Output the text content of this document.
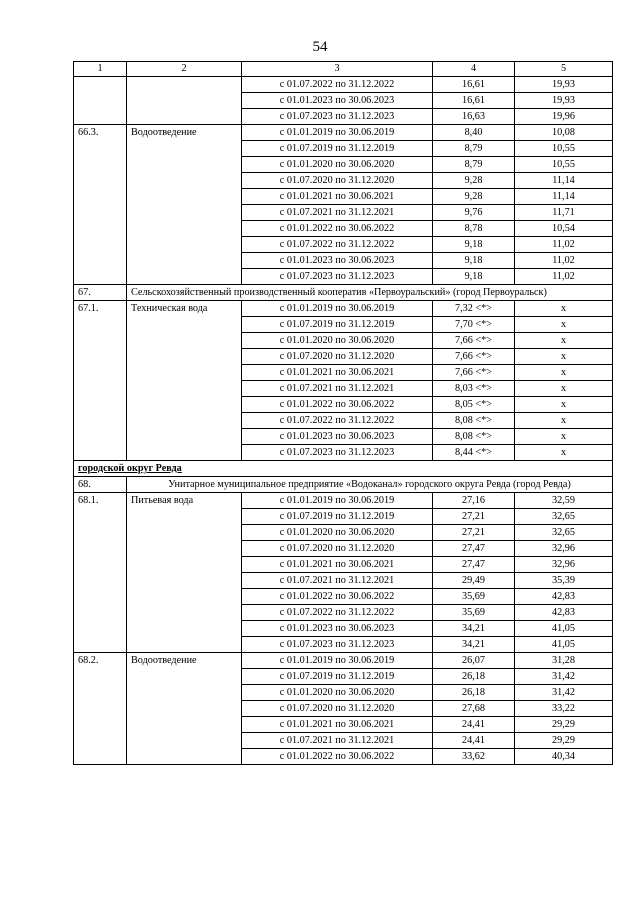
54
1	2	3	4	5
		с 01.07.2022 по 31.12.2022	16,61	19,93
		с 01.01.2023 по 30.06.2023	16,61	19,93
		с 01.07.2023 по 31.12.2023	16,63	19,96
66.3.	Водоотведение	с 01.01.2019 по 30.06.2019	8,40	10,08
		с 01.07.2019 по 31.12.2019	8,79	10,55
		с 01.01.2020 по 30.06.2020	8,79	10,55
		с 01.07.2020 по 31.12.2020	9,28	11,14
		с 01.01.2021 по 30.06.2021	9,28	11,14
		с 01.07.2021 по 31.12.2021	9,76	11,71
		с 01.01.2022 по 30.06.2022	8,78	10,54
		с 01.07.2022 по 31.12.2022	9,18	11,02
		с 01.01.2023 по 30.06.2023	9,18	11,02
		с 01.07.2023 по 31.12.2023	9,18	11,02
67.	Сельскохозяйственный производственный кооператив «Первоуральский» (город Первоуральск)			
67.1.	Техническая вода	с 01.01.2019 по 30.06.2019	7,32 <*>	х
		с 01.07.2019 по 31.12.2019	7,70 <*>	х
		с 01.01.2020 по 30.06.2020	7,66 <*>	х
		с 01.07.2020 по 31.12.2020	7,66 <*>	х
		с 01.01.2021 по 30.06.2021	7,66 <*>	х
		с 01.07.2021 по 31.12.2021	8,03 <*>	х
		с 01.01.2022 по 30.06.2022	8,05 <*>	х
		с 01.07.2022 по 31.12.2022	8,08 <*>	х
		с 01.01.2023 по 30.06.2023	8,08 <*>	х
		с 01.07.2023 по 31.12.2023	8,44 <*>	х
городской округ Ревда				
68.	Унитарное муниципальное предприятие «Водоканал» городского округа Ревда (город Ревда)			
68.1.	Питьевая вода	с 01.01.2019 по 30.06.2019	27,16	32,59
		с 01.07.2019 по 31.12.2019	27,21	32,65
		с 01.01.2020 по 30.06.2020	27,21	32,65
		с 01.07.2020 по 31.12.2020	27,47	32,96
		с 01.01.2021 по 30.06.2021	27,47	32,96
		с 01.07.2021 по 31.12.2021	29,49	35,39
		с 01.01.2022 по 30.06.2022	35,69	42,83
		с 01.07.2022 по 31.12.2022	35,69	42,83
		с 01.01.2023 по 30.06.2023	34,21	41,05
		с 01.07.2023 по 31.12.2023	34,21	41,05
68.2.	Водоотведение	с 01.01.2019 по 30.06.2019	26,07	31,28
		с 01.07.2019 по 31.12.2019	26,18	31,42
		с 01.01.2020 по 30.06.2020	26,18	31,42
		с 01.07.2020 по 31.12.2020	27,68	33,22
		с 01.01.2021 по 30.06.2021	24,41	29,29
		с 01.07.2021 по 31.12.2021	24,41	29,29
		с 01.01.2022 по 30.06.2022	33,62	40,34
